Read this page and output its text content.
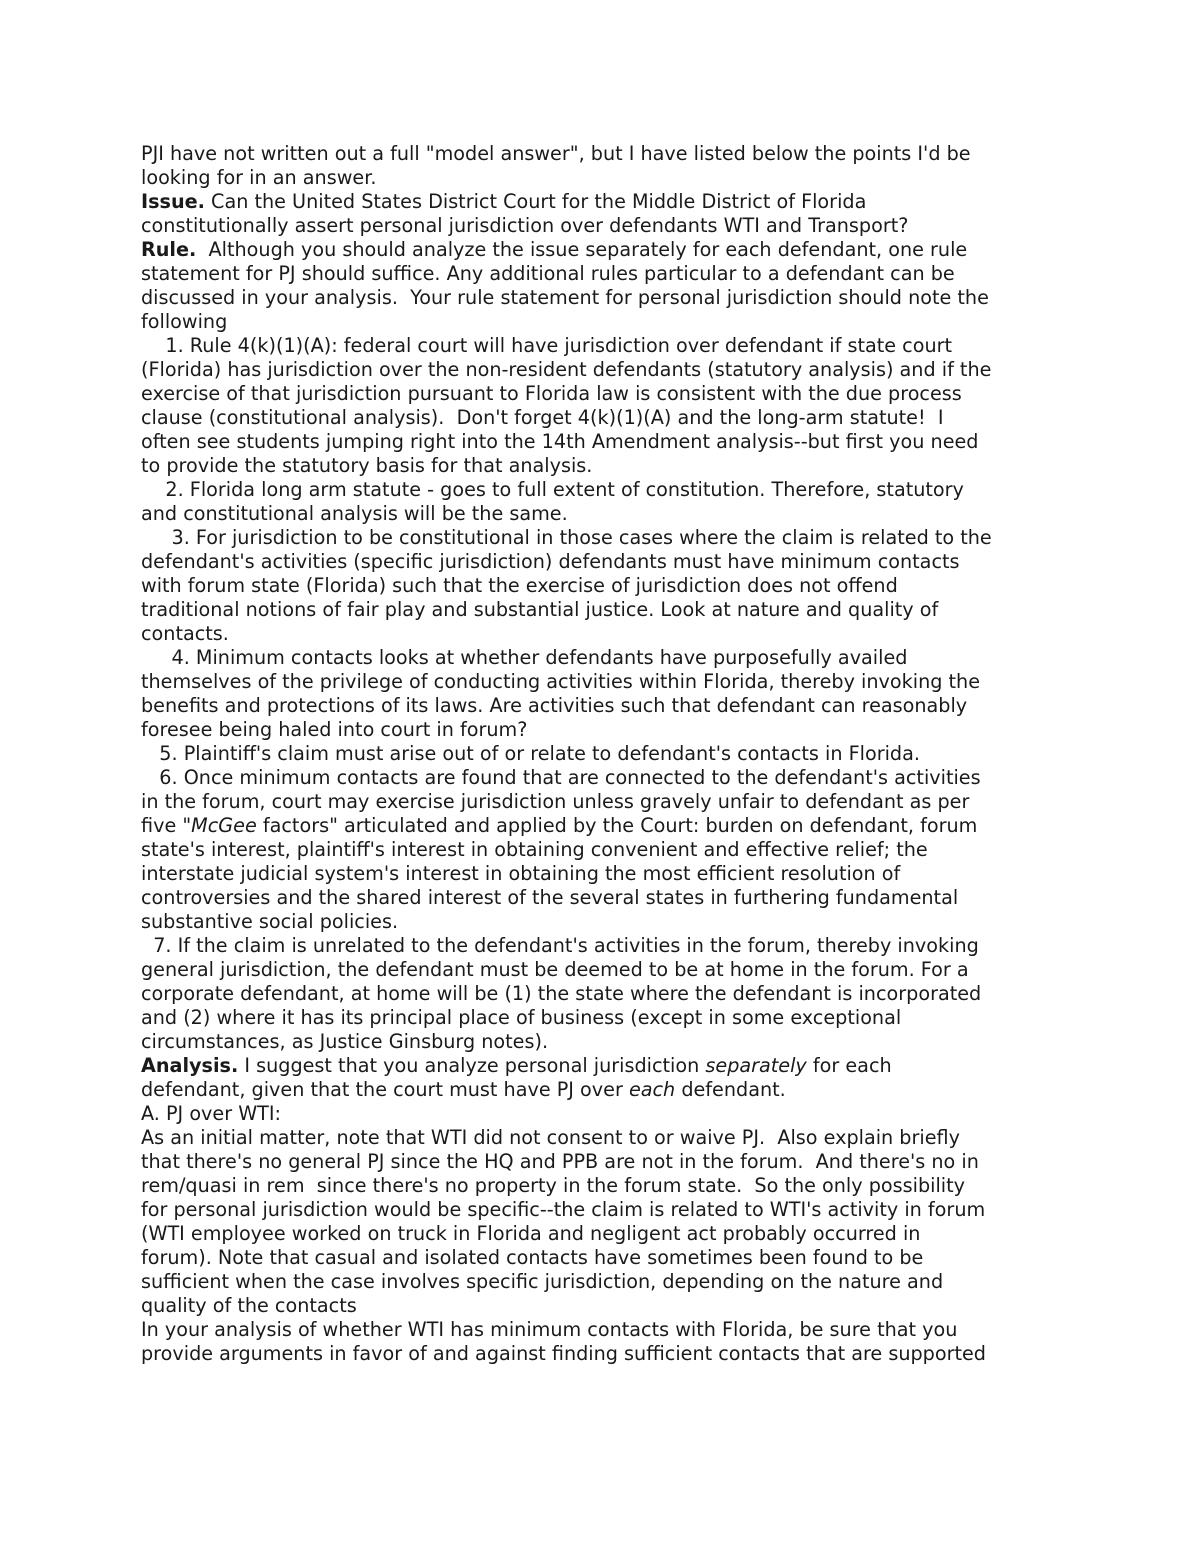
PJI have not written out a full "model answer", but I have listed below the points I'd be
looking for in an answer.
Issue. Can the United States District Court for the Middle District of Florida
constitutionally assert personal jurisdiction over defendants WTI and Transport?
Rule.  Although you should analyze the issue separately for each defendant, one rule
statement for PJ should suffice. Any additional rules particular to a defendant can be
discussed in your analysis.  Your rule statement for personal jurisdiction should note the
following
1. Rule 4(k)(1)(A): federal court will have jurisdiction over defendant if state court
(Florida) has jurisdiction over the non-resident defendants (statutory analysis) and if the
exercise of that jurisdiction pursuant to Florida law is consistent with the due process
clause (constitutional analysis).  Don't forget 4(k)(1)(A) and the long-arm statute!  I
often see students jumping right into the 14th Amendment analysis--but first you need
to provide the statutory basis for that analysis.
2. Florida long arm statute - goes to full extent of constitution. Therefore, statutory
and constitutional analysis will be the same.
3. For jurisdiction to be constitutional in those cases where the claim is related to the
defendant's activities (specific jurisdiction) defendants must have minimum contacts
with forum state (Florida) such that the exercise of jurisdiction does not offend
traditional notions of fair play and substantial justice. Look at nature and quality of
contacts.
4. Minimum contacts looks at whether defendants have purposefully availed
themselves of the privilege of conducting activities within Florida, thereby invoking the
benefits and protections of its laws. Are activities such that defendant can reasonably
foresee being haled into court in forum?
5. Plaintiff's claim must arise out of or relate to defendant's contacts in Florida.
6. Once minimum contacts are found that are connected to the defendant's activities
in the forum, court may exercise jurisdiction unless gravely unfair to defendant as per
five "McGee factors" articulated and applied by the Court: burden on defendant, forum
state's interest, plaintiff's interest in obtaining convenient and effective relief; the
interstate judicial system's interest in obtaining the most efficient resolution of
controversies and the shared interest of the several states in furthering fundamental
substantive social policies.
7. If the claim is unrelated to the defendant's activities in the forum, thereby invoking
general jurisdiction, the defendant must be deemed to be at home in the forum. For a
corporate defendant, at home will be (1) the state where the defendant is incorporated
and (2) where it has its principal place of business (except in some exceptional
circumstances, as Justice Ginsburg notes).
Analysis. I suggest that you analyze personal jurisdiction separately for each
defendant, given that the court must have PJ over each defendant.
A. PJ over WTI:
As an initial matter, note that WTI did not consent to or waive PJ.  Also explain briefly
that there's no general PJ since the HQ and PPB are not in the forum.  And there's no in
rem/quasi in rem  since there's no property in the forum state.  So the only possibility
for personal jurisdiction would be specific--the claim is related to WTI's activity in forum
(WTI employee worked on truck in Florida and negligent act probably occurred in
forum). Note that casual and isolated contacts have sometimes been found to be
sufficient when the case involves specific jurisdiction, depending on the nature and
quality of the contacts
In your analysis of whether WTI has minimum contacts with Florida, be sure that you
provide arguments in favor of and against finding sufficient contacts that are supported
